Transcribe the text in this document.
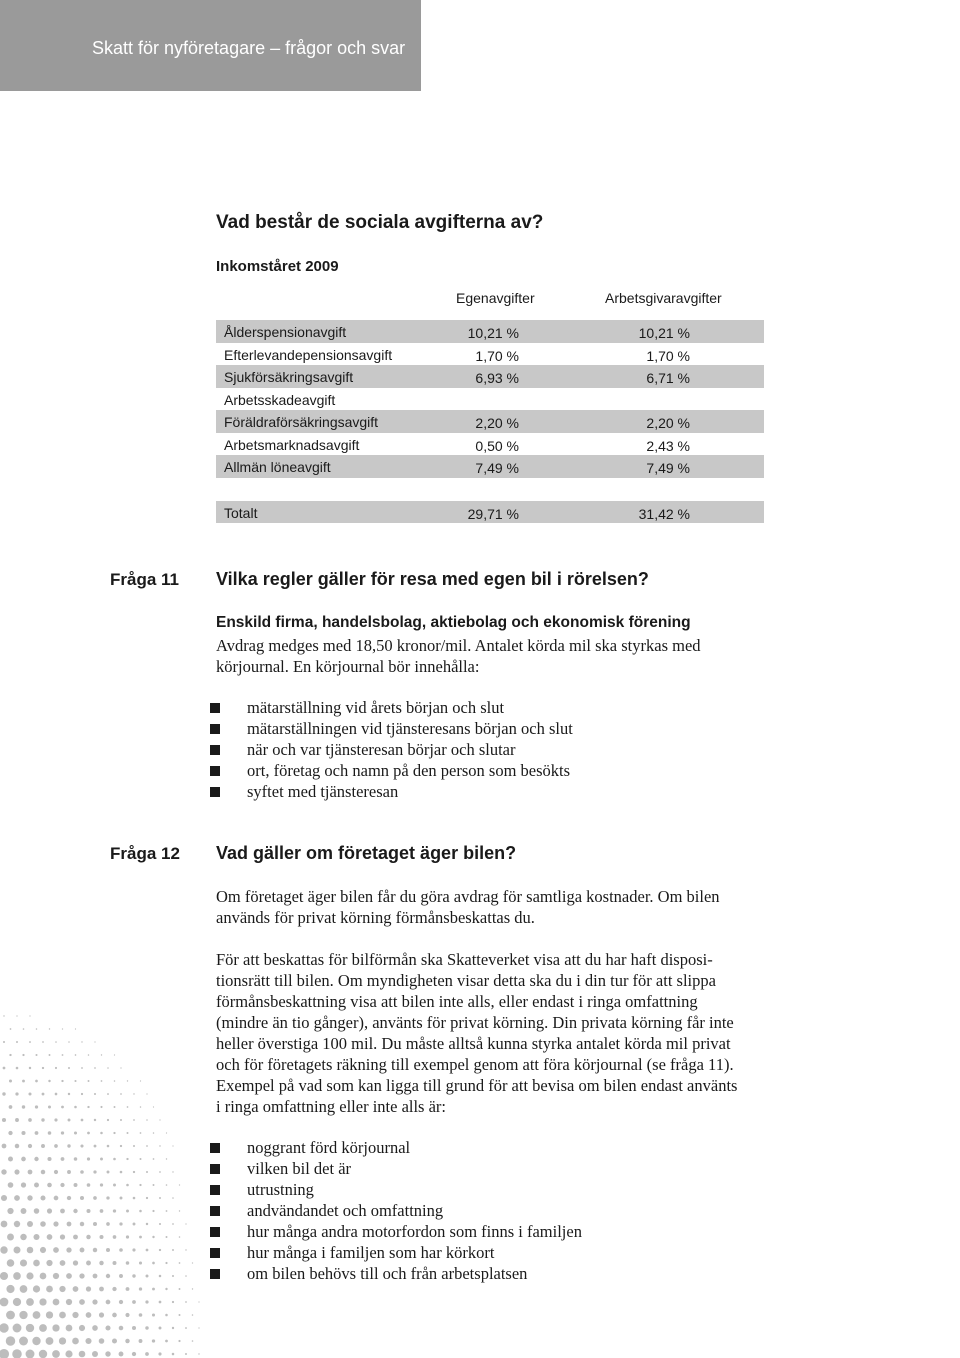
Skatt för nyföretagare – frågor och svar
Vad består de sociala avgifterna av?
Inkomståret 2009
Egenavgifter	Arbetsgivaravgifter
Ålderspensionavgift	10,21 %	10,21 %
Efterlevandepensionsavgift	1,70 %	1,70 %
Sjukförsäkringsavgift	6,93 %	6,71 %
Arbetsskadeavgift
Föräldraförsäkringsavgift	2,20 %	2,20 %
Arbetsmarknadsavgift	0,50 %	2,43 %
Allmän löneavgift	7,49 %	7,49 %
Totalt	29,71 %	31,42 %
Fråga 11 Vilka regler gäller för resa med egen bil i rörelsen?
Enskild firma, handelsbolag, aktiebolag och ekonomisk förening
Avdrag medges med 18,50 kronor/mil. Antalet körda mil ska styrkas med
körjournal. En körjournal bör innehålla:
mätarställning vid årets början och slut
mätarställningen vid tjänsteresans början och slut
när och var tjänsteresan börjar och slutar
ort, företag och namn på den person som besökts
syftet med tjänsteresan
Fråga 12 Vad gäller om företaget äger bilen?
Om företaget äger bilen får du göra avdrag för samtliga kostnader. Om bilen
används för privat körning förmånsbeskattas du.
För att beskattas för bilförmån ska Skatteverket visa att du har haft disposi-
tionsrätt till bilen. Om myndigheten visar detta ska du i din tur för att slippa
förmånsbeskattning visa att bilen inte alls, eller endast i ringa omfattning
(mindre än tio gånger), använts för privat körning. Din privata körning får inte
heller överstiga 100 mil. Du måste alltså kunna styrka antalet körda mil privat
och för företagets räkning till exempel genom att föra körjournal (se fråga 11).
Exempel på vad som kan ligga till grund för att bevisa om bilen endast använts
i ringa omfattning eller inte alls är:
noggrant förd körjournal
vilken bil det är
utrustning
andvändandet och omfattning
hur många andra motorfordon som finns i familjen
hur många i familjen som har körkort
om bilen behövs till och från arbetsplatsen
